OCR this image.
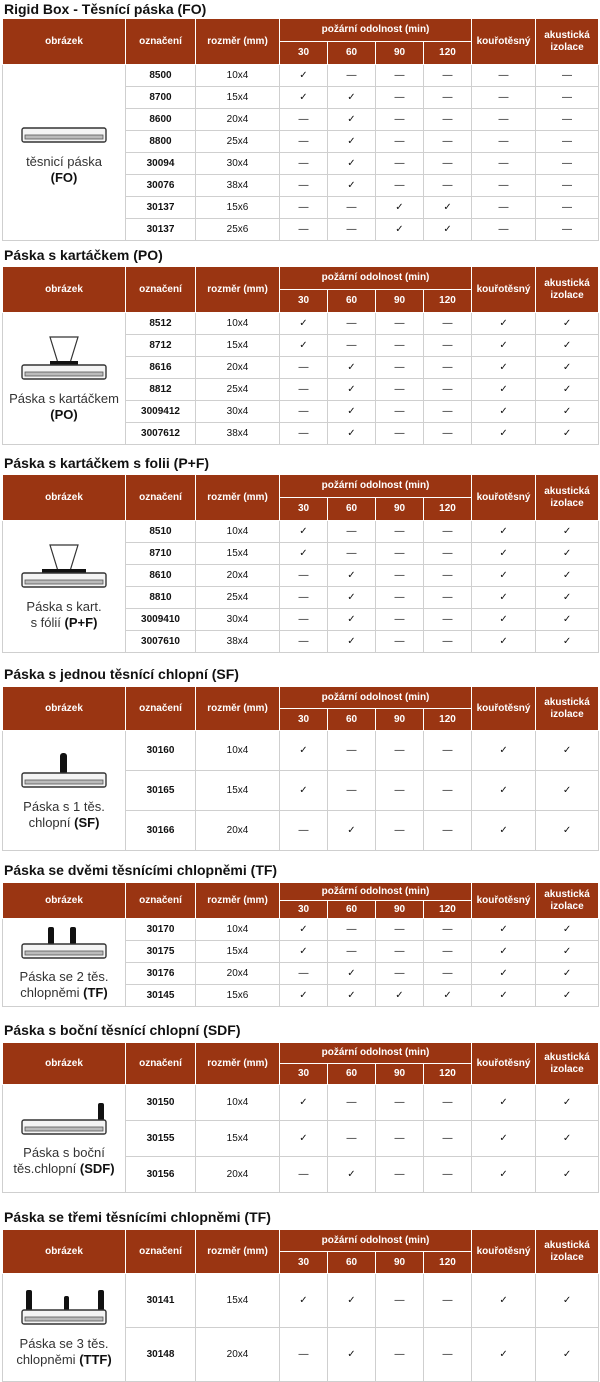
Rigid Box - Těsnící páska (FO)
obrázek	označení	rozměr (mm)	požární odolnost (min)				kouřotěsný	akustická
izolace
			30	60	90	120		

těsnicí páska
(FO)	8500	10x4	✓	—	—	—	—	—
	8700	15x4	✓	✓	—	—	—	—
	8600	20x4	—	✓	—	—	—	—
	8800	25x4	—	✓	—	—	—	—
	30094	30x4	—	✓	—	—	—	—
	30076	38x4	—	✓	—	—	—	—
	30137	15x6	—	—	✓	✓	—	—
	30137	25x6	—	—	✓	✓	—	—
Páska s kartáčkem (PO)
obrázek	označení	rozměr (mm)	požární odolnost (min)				kouřotěsný	akustická
izolace
			30	60	90	120		

Páska s kartáčkem
(PO)	8512	10x4	✓	—	—	—	✓	✓
	8712	15x4	✓	—	—	—	✓	✓
	8616	20x4	—	✓	—	—	✓	✓
	8812	25x4	—	✓	—	—	✓	✓
	3009412	30x4	—	✓	—	—	✓	✓
	3007612	38x4	—	✓	—	—	✓	✓
Páska s kartáčkem s folii (P+F)
obrázek	označení	rozměr (mm)	požární odolnost (min)				kouřotěsný	akustická
izolace
			30	60	90	120		

Páska s kart.
s fólií (P+F)	8510	10x4	✓	—	—	—	✓	✓
	8710	15x4	✓	—	—	—	✓	✓
	8610	20x4	—	✓	—	—	✓	✓
	8810	25x4	—	✓	—	—	✓	✓
	3009410	30x4	—	✓	—	—	✓	✓
	3007610	38x4	—	✓	—	—	✓	✓
Páska s jednou těsnící chlopní (SF)
obrázek	označení	rozměr (mm)	požární odolnost (min)				kouřotěsný	akustická
izolace
			30	60	90	120		

Páska s 1 těs.
chlopní (SF)	30160	10x4	✓	—	—	—	✓	✓
	30165	15x4	✓	—	—	—	✓	✓
	30166	20x4	—	✓	—	—	✓	✓
Páska se dvěmi těsnícími chlopněmi (TF)
obrázek	označení	rozměr (mm)	požární odolnost (min)				kouřotěsný	akustická
izolace
			30	60	90	120		

Páska se 2 těs.
chlopněmi (TF)	30170	10x4	✓	—	—	—	✓	✓
	30175	15x4	✓	—	—	—	✓	✓
	30176	20x4	—	✓	—	—	✓	✓
	30145	15x6	✓	✓	✓	✓	✓	✓
Páska s boční těsnící chlopní (SDF)
obrázek	označení	rozměr (mm)	požární odolnost (min)				kouřotěsný	akustická
izolace
			30	60	90	120		

Páska s boční
těs.chlopní (SDF)	30150	10x4	✓	—	—	—	✓	✓
	30155	15x4	✓	—	—	—	✓	✓
	30156	20x4	—	✓	—	—	✓	✓
Páska se třemi těsnícími chlopněmi (TF)
obrázek	označení	rozměr (mm)	požární odolnost (min)				kouřotěsný	akustická
izolace
			30	60	90	120		

Páska se 3 těs.
chlopněmi (TTF)	30141	15x4	✓	✓	—	—	✓	✓
	30148	20x4	—	✓	—	—	✓	✓
